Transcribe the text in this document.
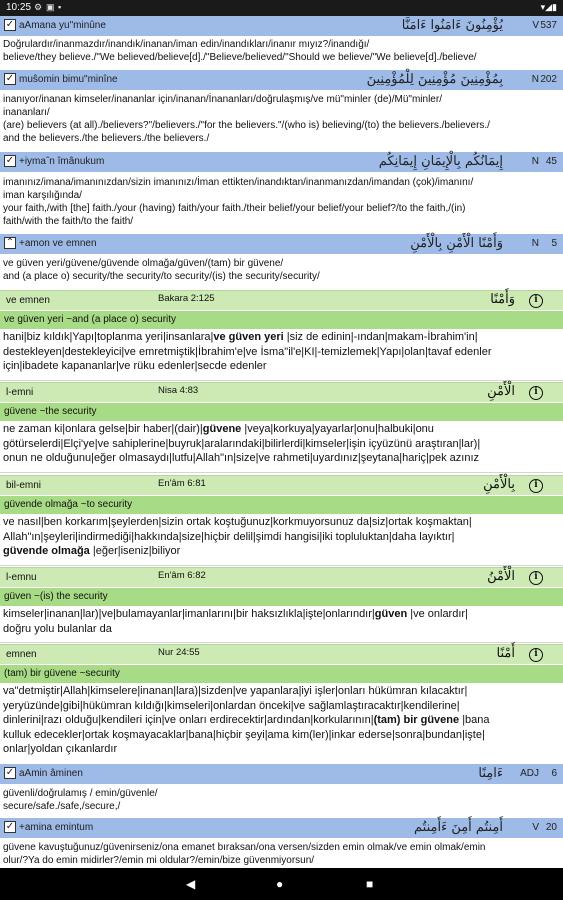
10:25 ⚙ ▣ ▪	▾◢▮
✓ aAmana yu"minûne	يُؤْمِنُونَ ءَامَنُوا ءَامَنَّا	V 537
Doğrulardır/inanmazdır/inandık/inanan/iman edin/inandıkları/inanır mıyız?/inandığı/
believe/they believe./"We believed/believe[d]./"Believe/believed/"Should we believe/"We believe[d]./believe/
✓ muŝomin bimu"minîne	بِمُؤْمِنِينَ مُؤْمِنِينَ لِلْمُؤْمِنِينَ	N 202
inanıyor/inanan kimseler/inananlar için/inanan/İnananları/doğrulaşmış/ve mü"minler (de)/Mü"minler/
inananları/
(are) believers (at all)./believers?"/believers./"for the believers."/(who is) believing/(to) the believers./believers./
and the believers./the believers./the believers./
✓ +iymaˆn îmânukum	إِيمَانُكُم بِالْإِيمَانِ إِيمَانِكُم	N 45
imanınız/imana/imanınızdan/sizin imanınızı/İman ettikten/inandıktan/inanmanızdan/imandan (çok)/imanını/
iman karşılığında/
your faith,/with [the] faith./your (having) faith/your faith./their belief/your belief/your belief?/to the faith,/(in)
faith/with the faith/to the faith/
⌃ +amon ve emnen	وَأَمْنًا الْأَمْنِ بِالْأَمْنِ	N 5
ve güven yeri/güvene/güvende olmağa/güven/(tam) bir güvene/
and (a place o) security/the security/to security/(is) the security/security/
ve emnen	Bakara 2:125	وَأَمْنًا	i
ve güven yeri ~and (a place o) security
hani|biz kıldık|Yapı|toplanma yeri|insanlara|ve güven yeri |siz de edinin|-ından|makam-İbrahim'in|
destekleyen|destekleyici|ve emretmiştik|İbrahim'e|ve İsma"il'e|KI|-temizlemek|Yapı|olan|tavaf edenler
için|ibadete kapananlar|ve rüku edenler|secde edenler
l-emni	Nisa 4:83	الْأَمْنِ	i
güvene ~the security
ne zaman ki|onlara gelse|bir haber|(dair)|güvene |veya|korkuya|yayarlar|onu|halbuki|onu
götürselerdi|Elçi'ye|ve sahiplerine|buyruk|aralarındaki|bilirlerdi|kimseler|işin içyüzünü araştıran|lar)|
onun ne olduğunu|eğer olmasaydı|lutfu|Allah"ın|size|ve rahmeti|uyardınız|şeytana|hariç|pek azınız
bil-emni	En'âm 6:81	بِالْأَمْنِ	i
güvende olmağa ~to security
ve nasıl|ben korkarım|şeylerden|sizin ortak koştuğunuz|korkmuyorsunuz da|siz|ortak koşmaktan|
Allah"ın|şeyleri|indirmediği|hakkında|size|hiçbir delil|şimdi hangisi|iki topluluktan|daha layıktır|
güvende olmağa |eğer|iseniz|biliyor
l-emnu	En'âm 6:82	الْأَمْنُ	i
güven ~(is) the security
kimseler|inanan|lar)|ve|bulamayanlar|imanlarını|bir haksızlıkla|işte|onlarındır|güven |ve onlardır|
doğru yolu bulanlar da
emnen	Nur 24:55	أَمْنًا	i
(tam) bir güvene ~security
va"detmiştir|Allah|kimselere|inanan|lara)|sizden|ve yapanlara|iyi işler|onları hükümran kılacaktır|
yeryüzünde|gibi|hükümran kıldığı|kimseleri|onlardan önceki|ve sağlamlaştıracaktır|kendilerine|
dinlerini|razı olduğu|kendileri için|ve onları erdirecektir|ardından|korkularının|(tam) bir güvene |bana
kulluk edecekler|ortak koşmayacaklar|bana|hiçbir şeyi|ama kim(ler)|inkar ederse|sonra|bundan|işte|
onlar|yoldan çıkanlardır
✓ aAmin âminen	ءَامِنًا ADJ 6
güvenli/doğrulamış / emin/güvenle/
secure/safe./safe,/secure,/
✓ +amina emintum	أَمِنتُم أَمِنَ ءَأَمِنتُم	V 20
güvene kavuştuğunuz/güvenirseniz/ona emanet bıraksan/ona versen/sizden emin olmak/ve emin olmak/emin
olur/?Ya do emin midirler?/emin mi oldular?/emin/bize güvenmiyorsun/
◀	●	■
